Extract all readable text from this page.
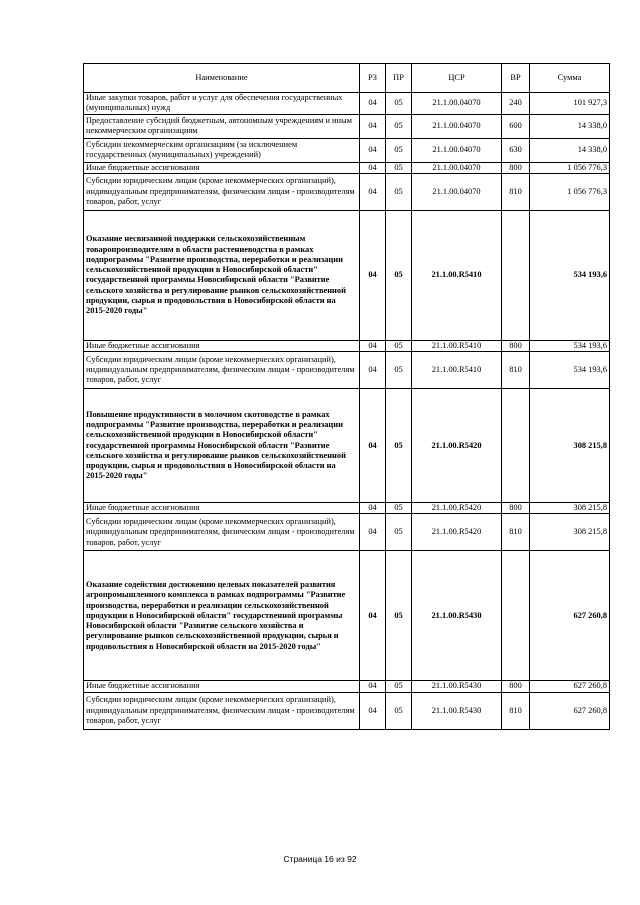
Наименование	РЗ	ПР	ЦСР	ВР	Сумма
Иные закупки товаров, работ и услуг для обеспечения государственных (муниципальных) нужд	04	05	21.1.00.04070	240	101 927,3
Предоставление субсидий бюджетным, автономным учреждениям и иным некоммерческим организациям	04	05	21.1.00.04070	600	14 338,0
Субсидии некоммерческим организациям (за исключением государственных (муниципальных) учреждений)	04	05	21.1.00.04070	630	14 338,0
Иные бюджетные ассигнования	04	05	21.1.00.04070	800	1 056 776,3
Субсидии юридическим лицам (кроме некоммерческих организаций), индивидуальным предпринимателям, физическим лицам - производителям товаров, работ, услуг	04	05	21.1.00.04070	810	1 056 776,3
Оказание несвязанной поддержки сельскохозяйственным товаропроизводителям в области растениеводства в рамках подпрограммы "Развитие производства, переработки и реализации сельскохозяйственной продукции в Новосибирской области" государственной программы Новосибирской области "Развитие сельского хозяйства и регулирование рынков сельскохозяйственной продукции, сырья и продовольствия в Новосибирской области на 2015-2020 годы"	04	05	21.1.00.R5410		534 193,6
Иные бюджетные ассигнования	04	05	21.1.00.R5410	800	534 193,6
Субсидии юридическим лицам (кроме некоммерческих организаций), индивидуальным предпринимателям, физическим лицам - производителям товаров, работ, услуг	04	05	21.1.00.R5410	810	534 193,6
Повышение продуктивности в молочном скотоводстве в рамках подпрограммы "Развитие производства, переработки и реализации сельскохозяйственной продукции в Новосибирской области" государственной программы Новосибирской области "Развитие сельского хозяйства и регулирование рынков сельскохозяйственной продукции, сырья и продовольствия в Новосибирской области на 2015-2020 годы"	04	05	21.1.00.R5420		308 215,8
Иные бюджетные ассигнования	04	05	21.1.00.R5420	800	308 215,8
Субсидии юридическим лицам (кроме некоммерческих организаций), индивидуальным предпринимателям, физическим лицам - производителям товаров, работ, услуг	04	05	21.1.00.R5420	810	308 215,8
Оказание содействия достижению целевых показателей развития агропромышленного комплекса в рамках подпрограммы "Развитие производства, переработки и реализации сельскохозяйственной продукции в Новосибирской области" государственной программы Новосибирской области "Развитие сельского хозяйства и регулирование рынков сельскохозяйственной продукции, сырья и продовольствия в Новосибирской области на 2015-2020 годы"	04	05	21.1.00.R5430		627 260,8
Иные бюджетные ассигнования	04	05	21.1.00.R5430	800	627 260,8
Субсидии юридическим лицам (кроме некоммерческих организаций), индивидуальным предпринимателям, физическим лицам - производителям товаров, работ, услуг	04	05	21.1.00.R5430	810	627 260,8
Страница 16 из 92
